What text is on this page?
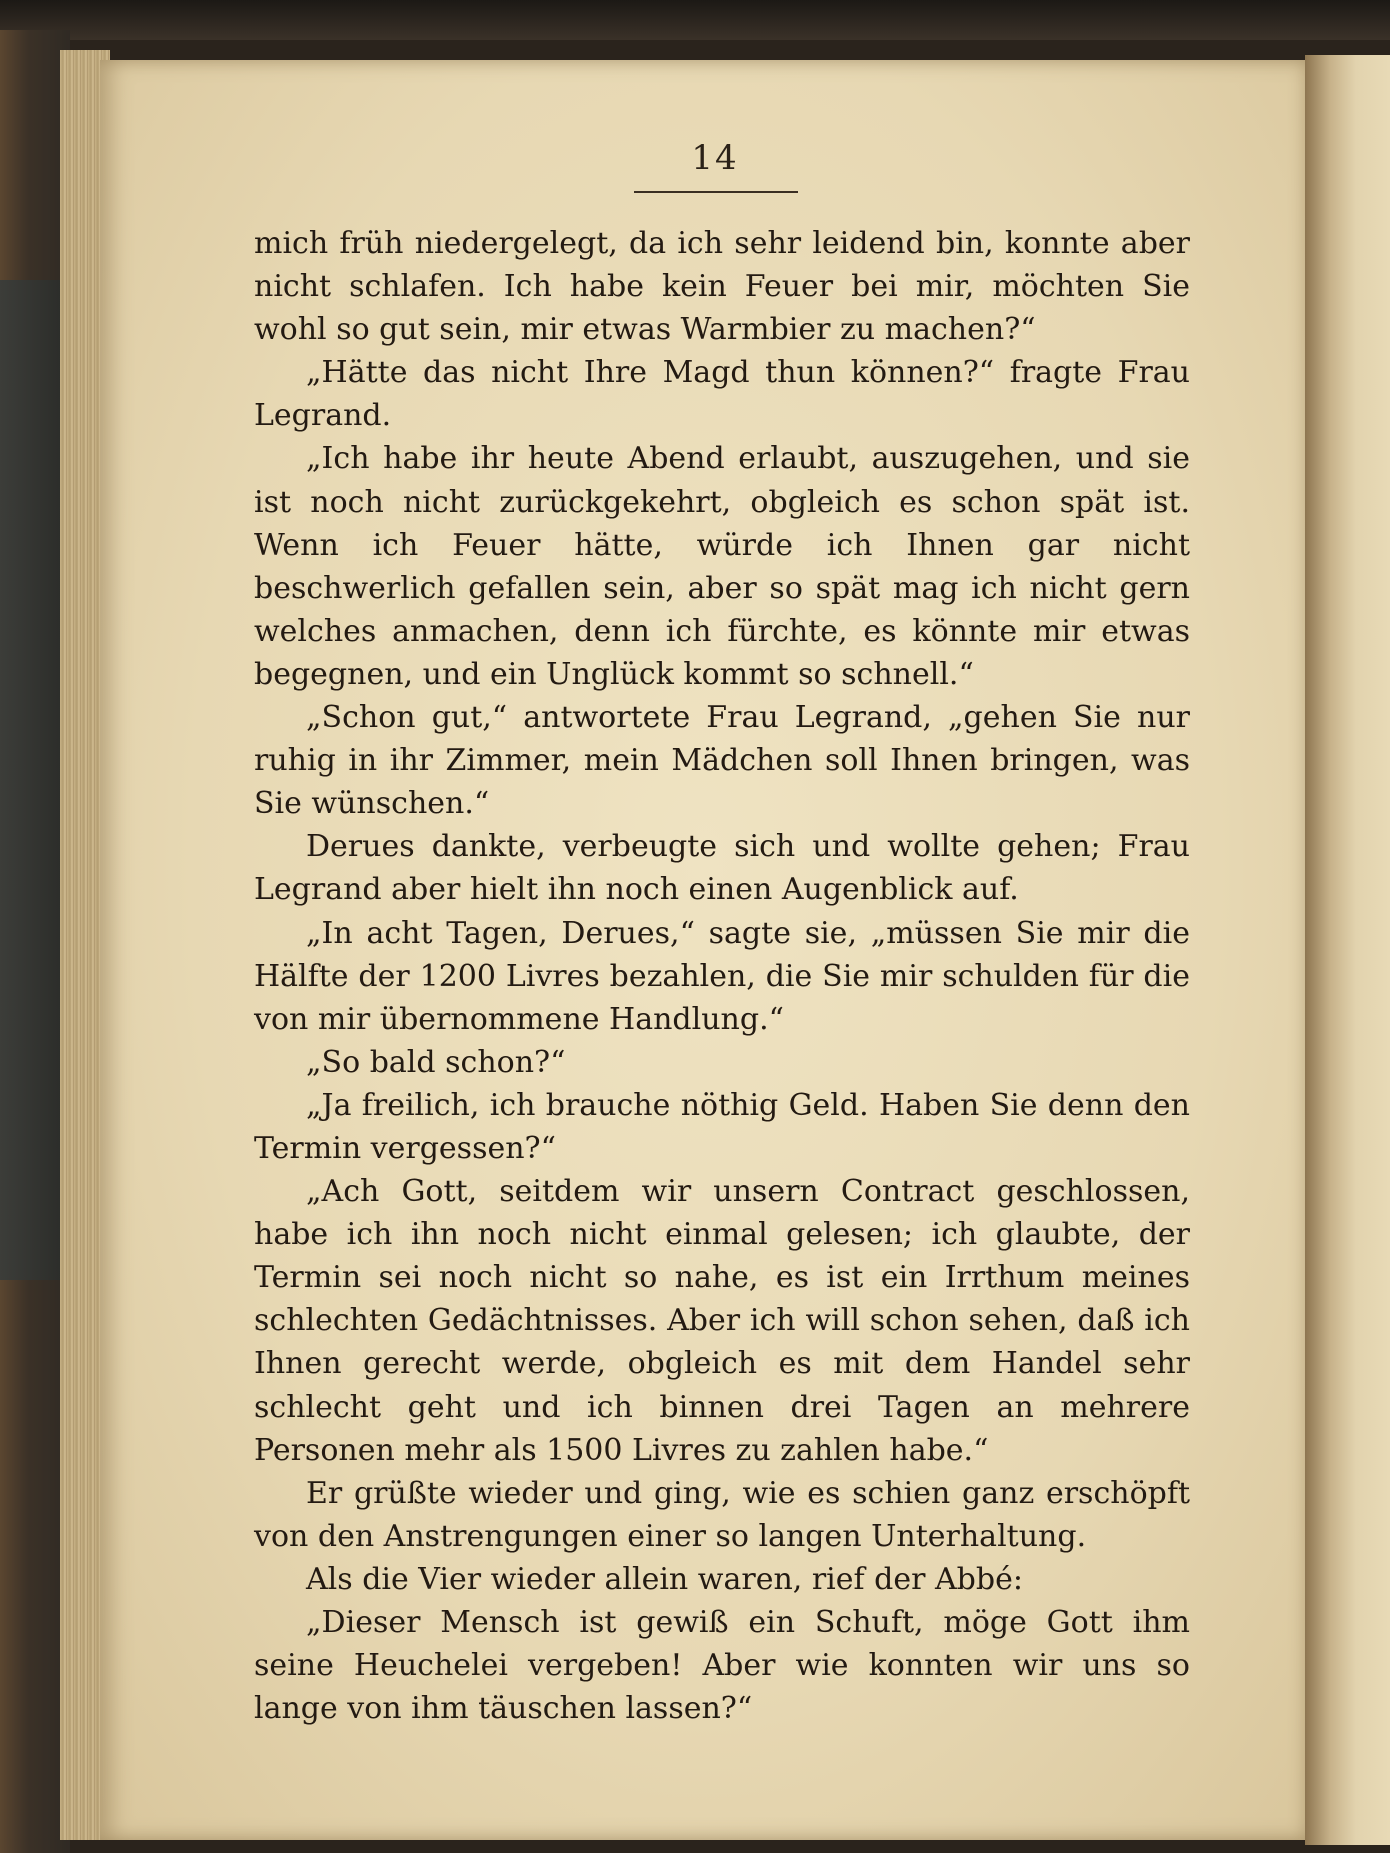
14

mich früh niedergelegt, da ich sehr leidend bin, konnte aber nicht schlafen. Ich habe kein Feuer bei mir, möchten Sie wohl so gut sein, mir etwas Warmbier zu machen?“

„Hätte das nicht Ihre Magd thun können?“ fragte Frau Legrand.

„Ich habe ihr heute Abend erlaubt, auszugehen, und sie ist noch nicht zurückgekehrt, obgleich es schon spät ist. Wenn ich Feuer hätte, würde ich Ihnen gar nicht beschwerlich gefallen sein, aber so spät mag ich nicht gern welches anmachen, denn ich fürchte, es könnte mir etwas begegnen, und ein Unglück kommt so schnell.“

„Schon gut,“ antwortete Frau Legrand, „gehen Sie nur ruhig in ihr Zimmer, mein Mädchen soll Ihnen bringen, was Sie wünschen.“

Derues dankte, verbeugte sich und wollte gehen; Frau Legrand aber hielt ihn noch einen Augenblick auf.

„In acht Tagen, Derues,“ sagte sie, „müssen Sie mir die Hälfte der 1200 Livres bezahlen, die Sie mir schulden für die von mir übernommene Handlung.“

„So bald schon?“

„Ja freilich, ich brauche nöthig Geld. Haben Sie denn den Termin vergessen?“

„Ach Gott, seitdem wir unsern Contract geschlossen, habe ich ihn noch nicht einmal gelesen; ich glaubte, der Termin sei noch nicht so nahe, es ist ein Irrthum meines schlechten Gedächtnisses. Aber ich will schon sehen, daß ich Ihnen gerecht werde, obgleich es mit dem Handel sehr schlecht geht und ich binnen drei Tagen an mehrere Personen mehr als 1500 Livres zu zahlen habe.“

Er grüßte wieder und ging, wie es schien ganz erschöpft von den Anstrengungen einer so langen Unterhaltung.

Als die Vier wieder allein waren, rief der Abbé:

„Dieser Mensch ist gewiß ein Schuft, möge Gott ihm seine Heuchelei vergeben! Aber wie konnten wir uns so lange von ihm täuschen lassen?“
